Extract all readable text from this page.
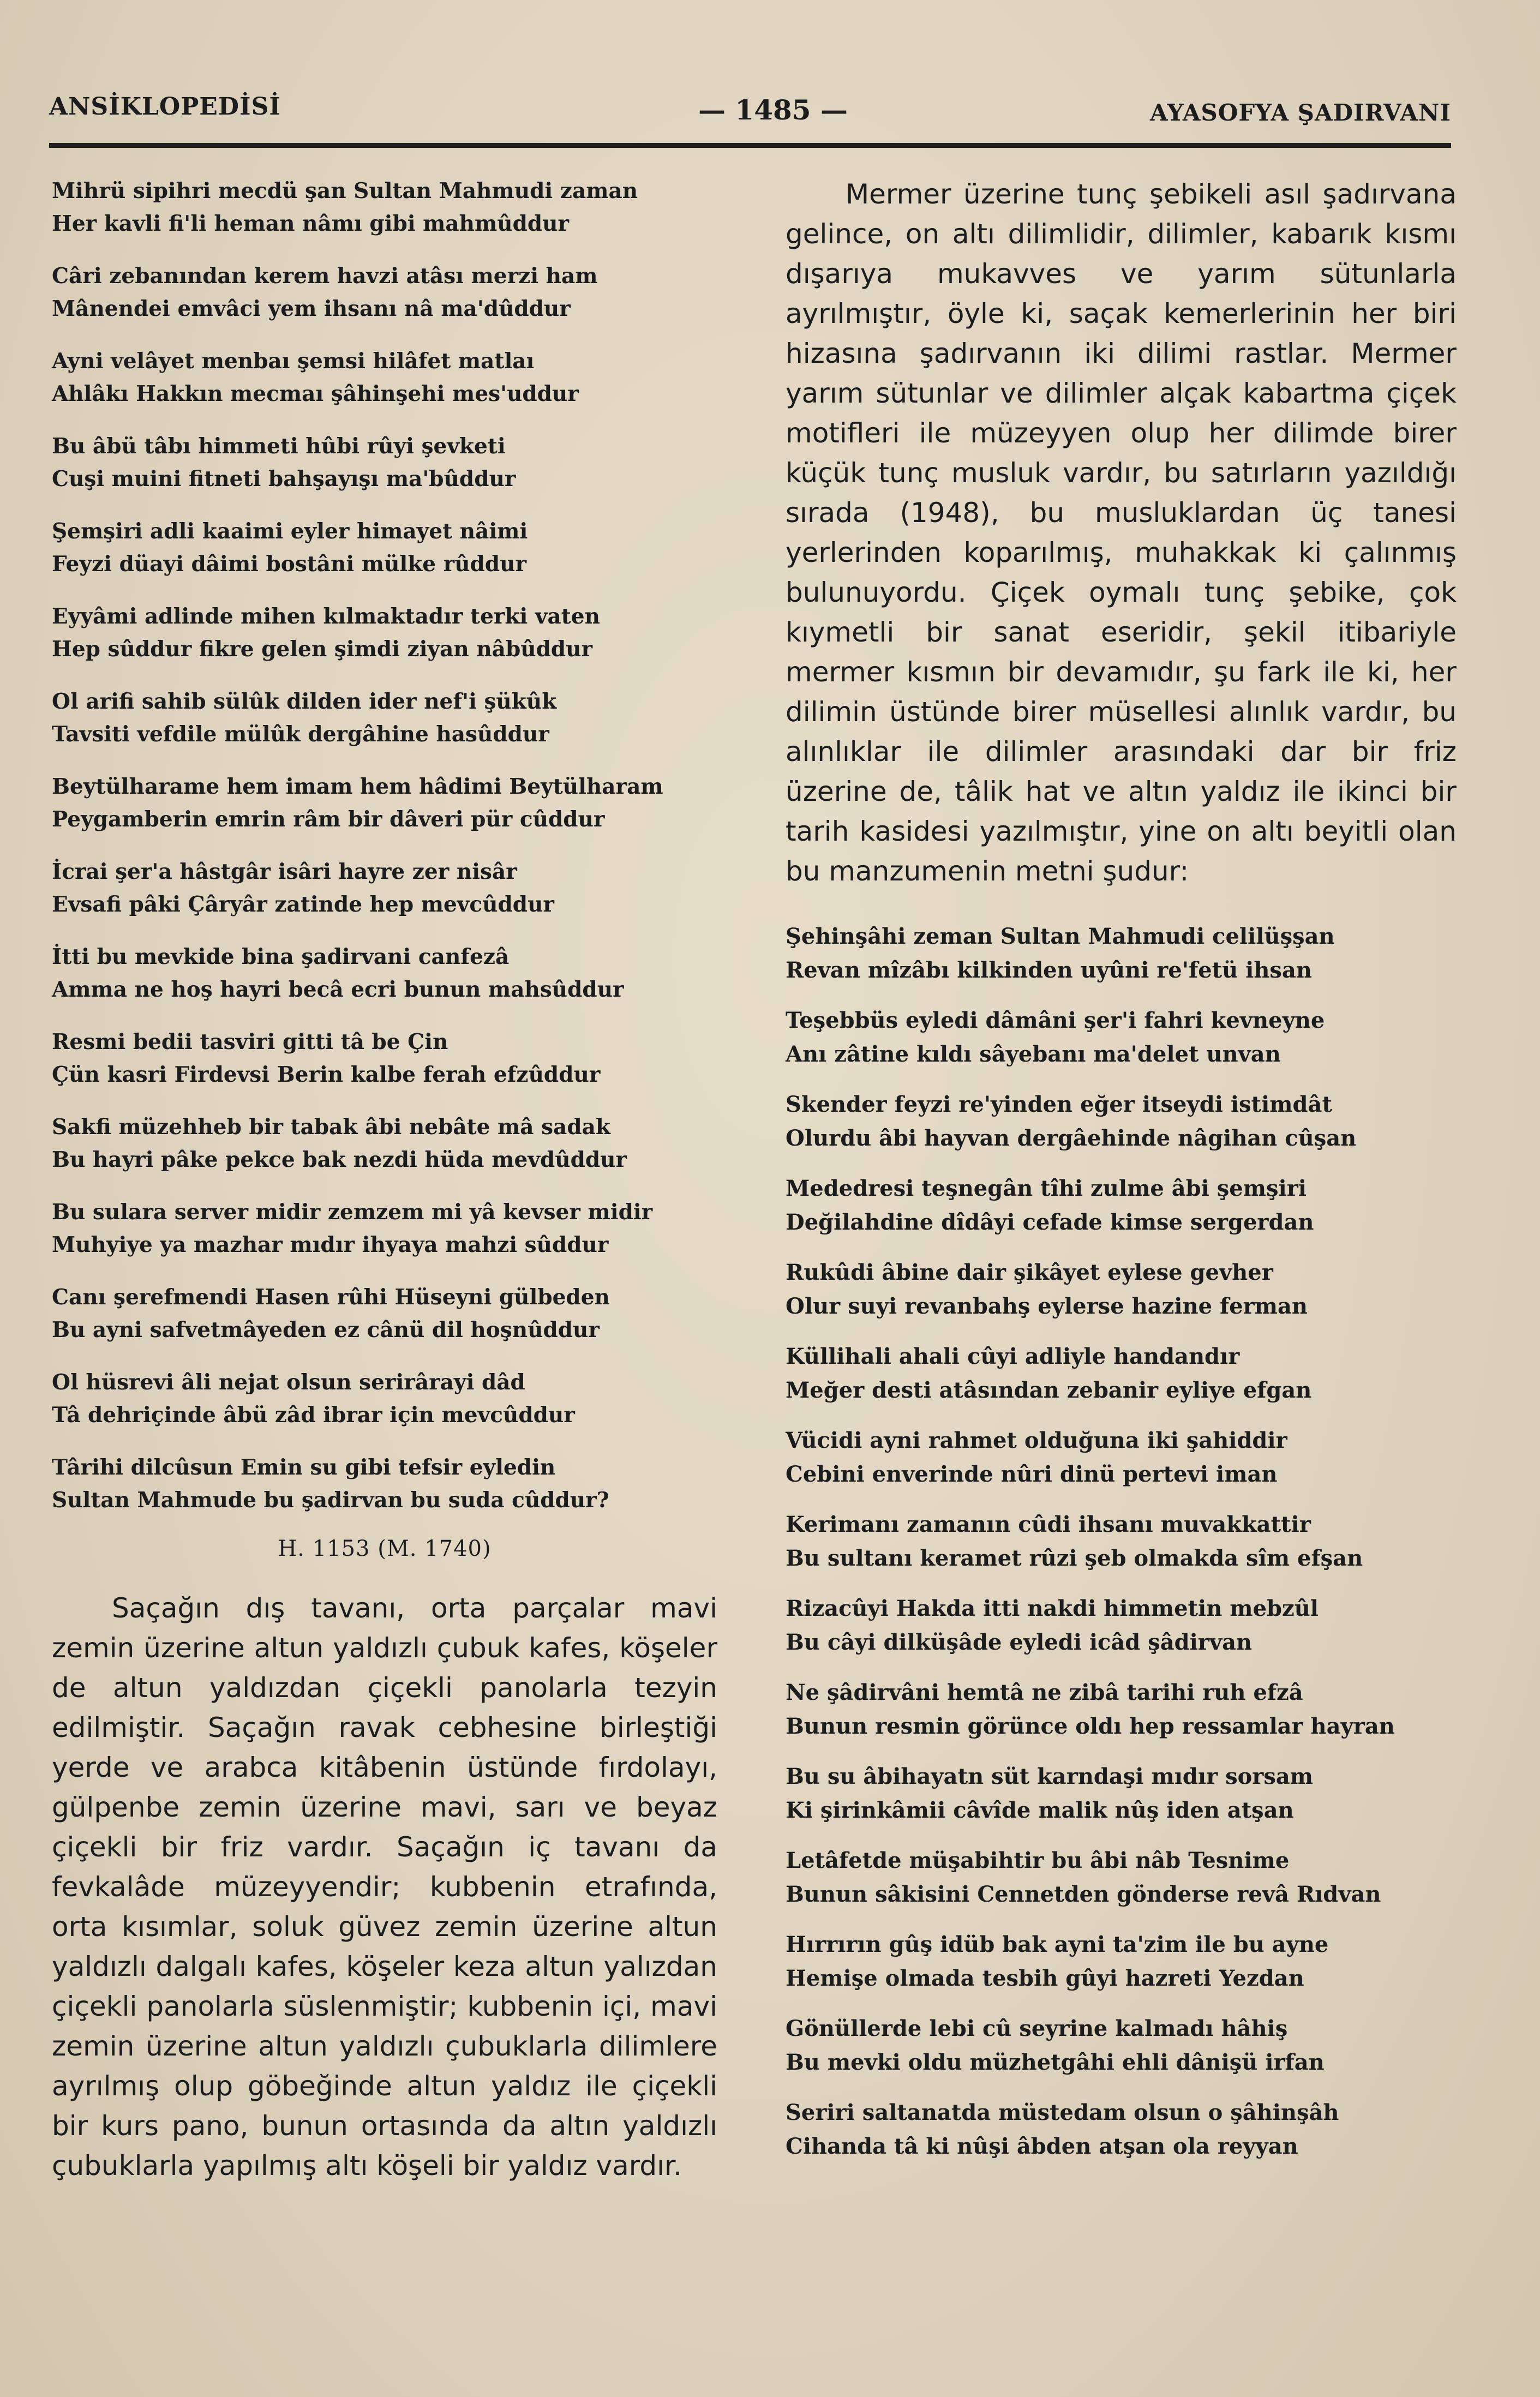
ANSİKLOPEDİSİ	— 1485 —	AYASOFYA ŞADIRVANI
Mihrü sipihri mecdü şan Sultan Mahmudi zaman
Her kavli fi'li heman nâmı gibi mahmûddur
Câri zebanından kerem havzi atâsı merzi ham
Mânendei emvâci yem ihsanı nâ ma'dûddur
Ayni velâyet menbaı şemsi hilâfet matlaı
Ahlâkı Hakkın mecmaı şâhinşehi mes'uddur
Bu âbü tâbı himmeti hûbi rûyi şevketi
Cuşi muini fitneti bahşayışı ma'bûddur
Şemşiri adli kaaimi eyler himayet nâimi
Feyzi düayi dâimi bostâni mülke rûddur
Eyyâmi adlinde mihen kılmaktadır terki vaten
Hep sûddur fikre gelen şimdi ziyan nâbûddur
Ol arifi sahib sülûk dilden ider nef'i şükûk
Tavsiti vefdile mülûk dergâhine hasûddur
Beytülharame hem imam hem hâdimi Beytülharam
Peygamberin emrin râm bir dâveri pür cûddur
İcrai şer'a hâstgâr isâri hayre zer nisâr
Evsafi pâki Çâryâr zatinde hep mevcûddur
İtti bu mevkide bina şadirvani canfezâ
Amma ne hoş hayri becâ ecri bunun mahsûddur
Resmi bedii tasviri gitti tâ be Çin
Çün kasri Firdevsi Berin kalbe ferah efzûddur
Sakfi müzehheb bir tabak âbi nebâte mâ sadak
Bu hayri pâke pekce bak nezdi hüda mevdûddur
Bu sulara server midir zemzem mi yâ kevser midir
Muhyiye ya mazhar mıdır ihyaya mahzi sûddur
Canı şerefmendi Hasen rûhi Hüseyni gülbeden
Bu ayni safvetmâyeden ez cânü dil hoşnûddur
Ol hüsrevi âli nejat olsun serirârayi dâd
Tâ dehriçinde âbü zâd ibrar için mevcûddur
Târihi dilcûsun Emin su gibi tefsir eyledin
Sultan Mahmude bu şadirvan bu suda cûddur?
H. 1153 (M. 1740)

Saçağın dış tavanı, orta parçalar mavi zemin üzerine altun yaldızlı çubuk kafes, köşeler de altun yaldızdan çiçekli panolarla tezyin edilmiştir. Saçağın ravak cebhesine birleştiği yerde ve arabca kitâbenin üstünde fırdolayı, gülpenbe zemin üzerine mavi, sarı ve beyaz çiçekli bir friz vardır. Saçağın iç tavanı da fevkalâde müzeyyendir; kubbenin etrafında, orta kısımlar, soluk güvez zemin üzerine altun yaldızlı dalgalı kafes, köşeler keza altun yalızdan çiçekli panolarla süslenmiştir; kubbenin içi, mavi zemin üzerine altun yaldızlı çubuklarla dilimlere ayrılmış olup göbeğinde altun yaldız ile çiçekli bir kurs pano, bunun ortasında da altın yaldızlı çubuklarla yapılmış altı köşeli bir yaldız vardır.

Mermer üzerine tunç şebikeli asıl şadırvana gelince, on altı dilimlidir, dilimler, kabarık kısmı dışarıya mukavves ve yarım sütunlarla ayrılmıştır, öyle ki, saçak kemerlerinin her biri hizasına şadırvanın iki dilimi rastlar. Mermer yarım sütunlar ve dilimler alçak kabartma çiçek motifleri ile müzeyyen olup her dilimde birer küçük tunç musluk vardır, bu satırların yazıldığı sırada (1948), bu musluklardan üç tanesi yerlerinden koparılmış, muhakkak ki çalınmış bulunuyordu. Çiçek oymalı tunç şebike, çok kıymetli bir sanat eseridir, şekil itibariyle mermer kısmın bir devamıdır, şu fark ile ki, her dilimin üstünde birer müsellesi alınlık vardır, bu alınlıklar ile dilimler arasındaki dar bir friz üzerine de, tâlik hat ve altın yaldız ile ikinci bir tarih kasidesi yazılmıştır, yine on altı beyitli olan bu manzumenin metni şudur:

Şehinşâhi zeman Sultan Mahmudi celilüşşan
Revan mîzâbı kilkinden uyûni re'fetü ihsan
Teşebbüs eyledi dâmâni şer'i fahri kevneyne
Anı zâtine kıldı sâyebanı ma'delet unvan
Skender feyzi re'yinden eğer itseydi istimdât
Olurdu âbi hayvan dergâehinde nâgihan cûşan
Mededresi teşnegân tîhi zulme âbi şemşiri
Değilahdine dîdâyi cefade kimse sergerdan
Rukûdi âbine dair şikâyet eylese gevher
Olur suyi revanbahş eylerse hazine ferman
Küllihali ahali cûyi adliyle handandır
Meğer desti atâsından zebanir eyliye efgan
Vücidi ayni rahmet olduğuna iki şahiddir
Cebini enverinde nûri dinü pertevi iman
Kerimanı zamanın cûdi ihsanı muvakkattir
Bu sultanı keramet rûzi şeb olmakda sîm efşan
Rizacûyi Hakda itti nakdi himmetin mebzûl
Bu câyi dilküşâde eyledi icâd şâdirvan
Ne şâdirvâni hemtâ ne zibâ tarihi ruh efzâ
Bunun resmin görünce oldı hep ressamlar hayran
Bu su âbihayatn süt karndaşi mıdır sorsam
Ki şirinkâmii câvîde malik nûş iden atşan
Letâfetde müşabihtir bu âbi nâb Tesnime
Bunun sâkisini Cennetden gönderse revâ Rıdvan
Hırrırın gûş idüb bak ayni ta'zim ile bu ayne
Hemişe olmada tesbih gûyi hazreti Yezdan
Gönüllerde lebi cû seyrine kalmadı hâhiş
Bu mevki oldu müzhetgâhi ehli dânişü irfan
Seriri saltanatda müstedam olsun o şâhinşâh
Cihanda tâ ki nûşi âbden atşan ola reyyan
